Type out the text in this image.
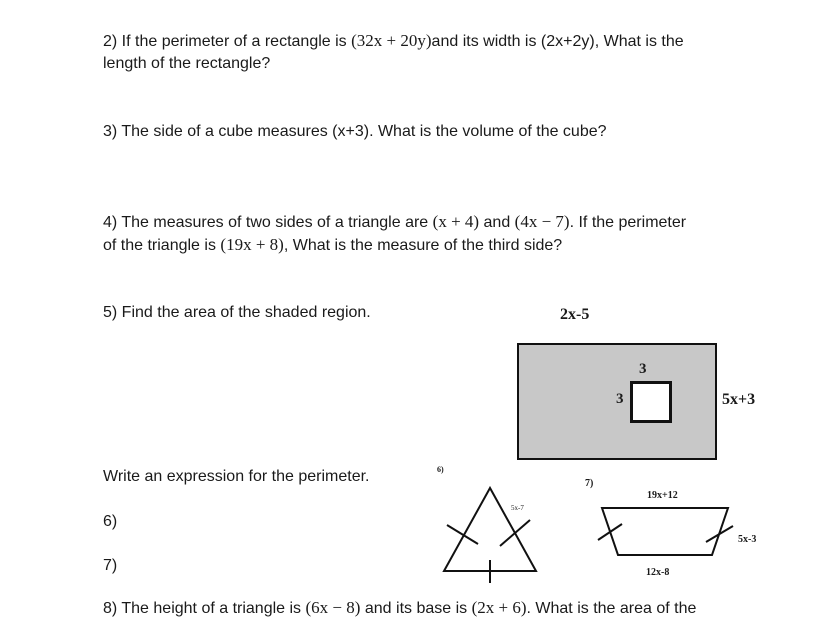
2) If the perimeter of a rectangle is (32x + 20y)and its width is (2x+2y), What is the
length of the rectangle?

3) The side of a cube measures (x+3). What is the volume of the cube?

4) The measures of two sides of a triangle are (x + 4) and (4x − 7). If the perimeter
of the triangle is (19x + 8), What is the measure of the third side?

5) Find the area of the shaded region.	2x-5
3
3	5x+3

Write an expression for the perimeter.

6)

7)

6)
5x-7
7)
19x+12
5x-3
12x-8

8) The height of a triangle is (6x − 8) and its base is (2x + 6). What is the area of the
